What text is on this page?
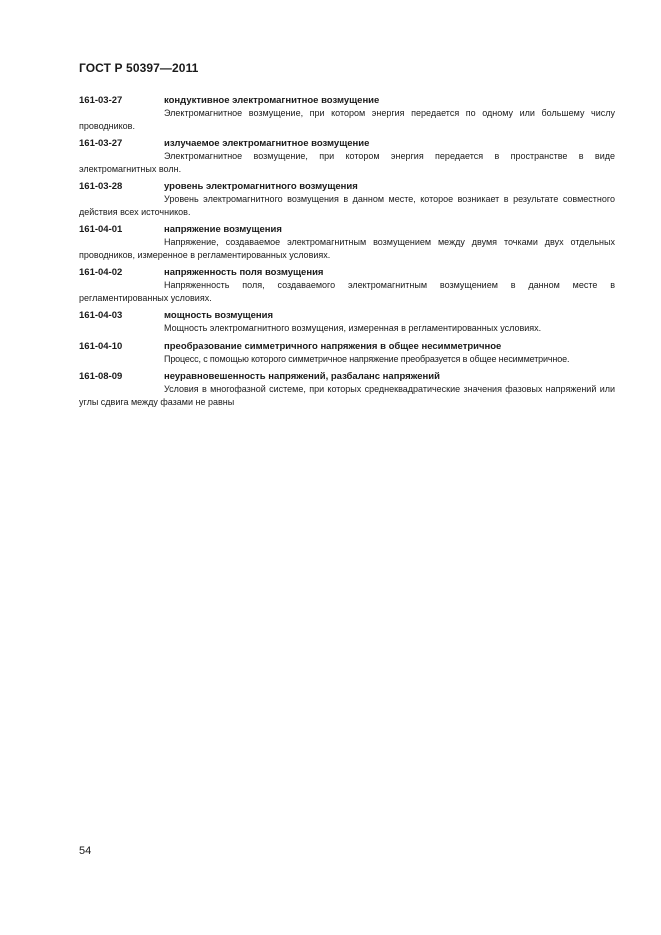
ГОСТ Р 50397—2011
161-03-27	кондуктивное электромагнитное возмущение

Электромагнитное возмущение, при котором энергия передается по одному или большему числу проводников.

161-03-27	излучаемое электромагнитное возмущение

Электромагнитное возмущение, при котором энергия передается в пространстве в виде электромагнитных волн.

161-03-28	уровень электромагнитного возмущения

Уровень электромагнитного возмущения в данном месте, которое возникает в результате совместного действия всех источников.

161-04-01	напряжение возмущения

Напряжение, создаваемое электромагнитным возмущением между двумя точками двух отдельных проводников, измеренное в регламентированных условиях.

161-04-02	напряженность поля возмущения

Напряженность поля, создаваемого электромагнитным возмущением в данном месте в регламентированных условиях.

161-04-03	мощность возмущения

Мощность электромагнитного возмущения, измеренная в регламентированных условиях.

161-04-10	преобразование симметричного напряжения в общее несимметричное

Процесс, с помощью которого симметричное напряжение преобразуется в общее несимметричное.

161-08-09	неуравновешенность напряжений, разбаланс напряжений

Условия в многофазной системе, при которых среднеквадратические значения фазовых напряжений или углы сдвига между фазами не равны

54
